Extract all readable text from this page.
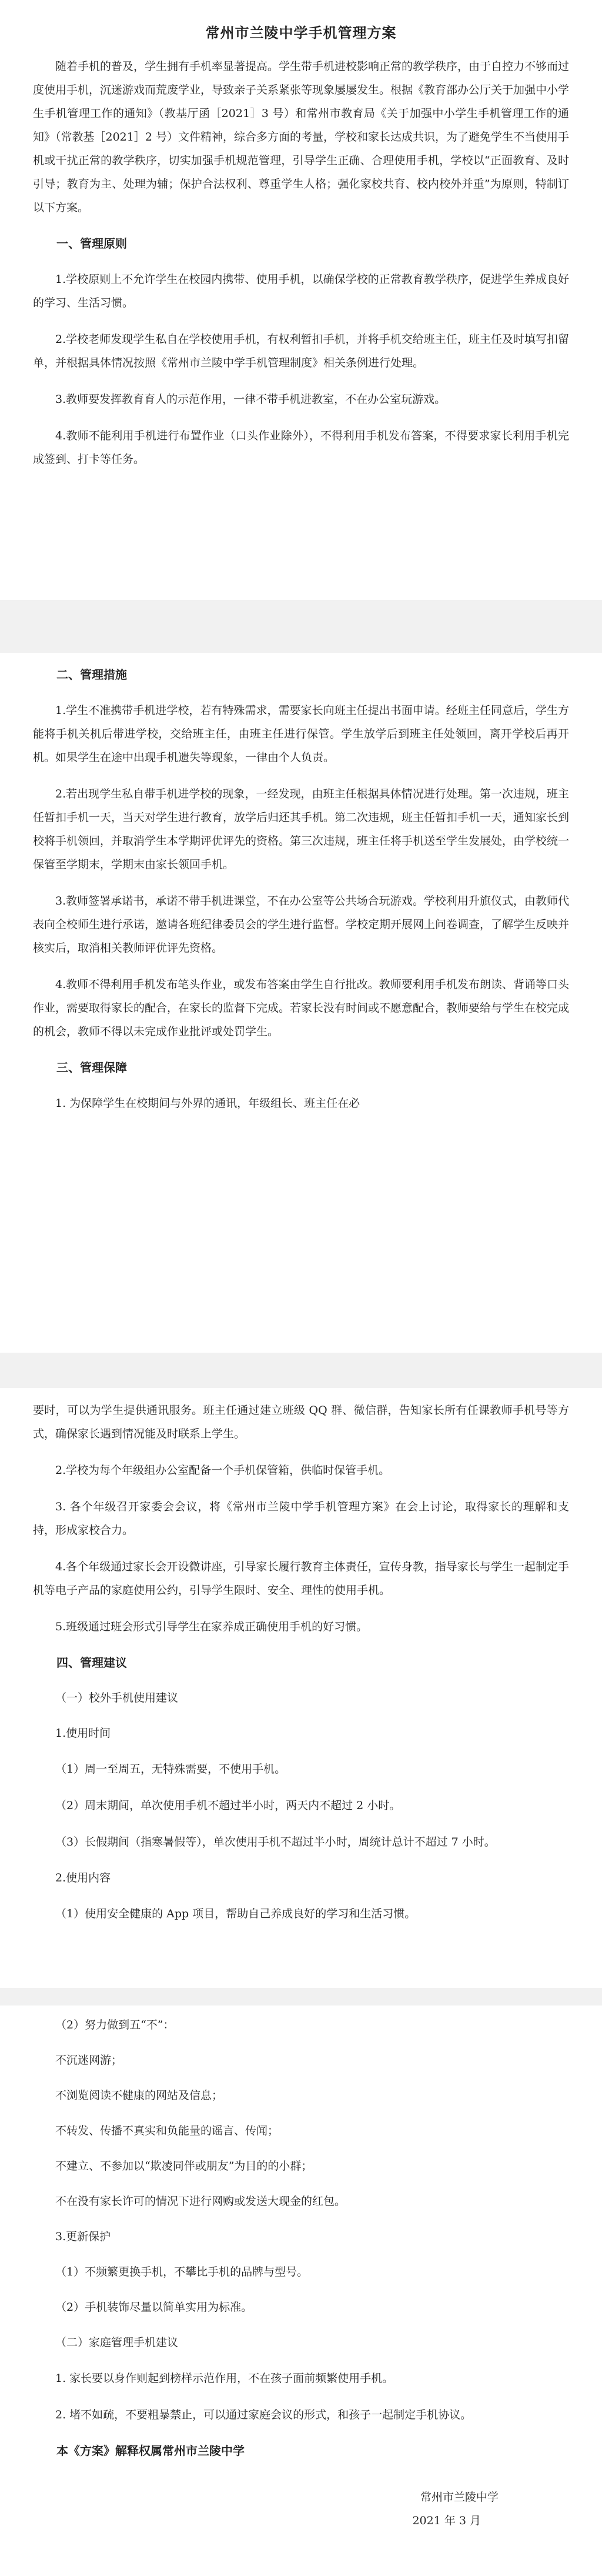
常州市兰陵中学手机管理方案

随着手机的普及，学生拥有手机率显著提高。学生带手机进校影响正常的教学秩序，由于自控力不够而过度使用手机，沉迷游戏而荒废学业，导致亲子关系紧张等现象屡屡发生。根据《教育部办公厅关于加强中小学生手机管理工作的通知》（教基厅函［2021］3 号）和常州市教育局《关于加强中小学生手机管理工作的通知》（常教基［2021］2 号）文件精神，综合多方面的考量，学校和家长达成共识，为了避免学生不当使用手机或干扰正常的教学秩序，切实加强手机规范管理，引导学生正确、合理使用手机，学校以“正面教育、及时引导；教育为主、处理为辅；保护合法权利、尊重学生人格；强化家校共育、校内校外并重”为原则，特制订以下方案。

一、管理原则

1.学校原则上不允许学生在校园内携带、使用手机，以确保学校的正常教育教学秩序，促进学生养成良好的学习、生活习惯。

2.学校老师发现学生私自在学校使用手机，有权利暂扣手机，并将手机交给班主任，班主任及时填写扣留单，并根据具体情况按照《常州市兰陵中学手机管理制度》相关条例进行处理。

3.教师要发挥教育育人的示范作用，一律不带手机进教室，不在办公室玩游戏。

4.教师不能利用手机进行布置作业（口头作业除外），不得利用手机发布答案，不得要求家长利用手机完成签到、打卡等任务。

二、管理措施

1.学生不准携带手机进学校，若有特殊需求，需要家长向班主任提出书面申请。经班主任同意后，学生方能将手机关机后带进学校，交给班主任，由班主任进行保管。学生放学后到班主任处领回，离开学校后再开机。如果学生在途中出现手机遗失等现象，一律由个人负责。

2.若出现学生私自带手机进学校的现象，一经发现，由班主任根据具体情况进行处理。第一次违规，班主任暂扣手机一天，当天对学生进行教育，放学后归还其手机。第二次违规，班主任暂扣手机一天，通知家长到校将手机领回，并取消学生本学期评优评先的资格。第三次违规，班主任将手机送至学生发展处，由学校统一保管至学期末，学期末由家长领回手机。

3.教师签署承诺书，承诺不带手机进课堂，不在办公室等公共场合玩游戏。学校利用升旗仪式，由教师代表向全校师生进行承诺，邀请各班纪律委员会的学生进行监督。学校定期开展网上问卷调查，了解学生反映并核实后，取消相关教师评优评先资格。

4.教师不得利用手机发布笔头作业，或发布答案由学生自行批改。教师要利用手机发布朗读、背诵等口头作业，需要取得家长的配合，在家长的监督下完成。若家长没有时间或不愿意配合，教师要给与学生在校完成的机会，教师不得以未完成作业批评或处罚学生。

三、管理保障

1. 为保障学生在校期间与外界的通讯，年级组长、班主任在必

要时，可以为学生提供通讯服务。班主任通过建立班级 QQ 群、微信群，告知家长所有任课教师手机号等方式，确保家长遇到情况能及时联系上学生。

2.学校为每个年级组办公室配备一个手机保管箱，供临时保管手机。

3. 各个年级召开家委会会议，将《常州市兰陵中学手机管理方案》在会上讨论，取得家长的理解和支持，形成家校合力。

4.各个年级通过家长会开设微讲座，引导家长履行教育主体责任，宣传身教，指导家长与学生一起制定手机等电子产品的家庭使用公约，引导学生限时、安全、理性的使用手机。

5.班级通过班会形式引导学生在家养成正确使用手机的好习惯。

四、管理建议
（一）校外手机使用建议
1.使用时间

（1）周一至周五，无特殊需要，不使用手机。

（2）周末期间，单次使用手机不超过半小时，两天内不超过 2 小时。

（3）长假期间（指寒暑假等），单次使用手机不超过半小时，周统计总计不超过 7 小时。

2.使用内容

（1）使用安全健康的 App 项目，帮助自己养成良好的学习和生活习惯。

（2）努力做到五“不”：
不沉迷网游；
不浏览阅读不健康的网站及信息；
不转发、传播不真实和负能量的谣言、传闻；
不建立、不参加以“欺凌同伴或朋友”为目的的小群；
不在没有家长许可的情况下进行网购或发送大现金的红包。
3.更新保护
（1）不频繁更换手机，不攀比手机的品牌与型号。
（2）手机装饰尽量以简单实用为标准。
（二）家庭管理手机建议

1. 家长要以身作则起到榜样示范作用，不在孩子面前频繁使用手机。

2. 堵不如疏，不要粗暴禁止，可以通过家庭会议的形式，和孩子一起制定手机协议。

本《方案》解释权属常州市兰陵中学

常州市兰陵中学

2021 年 3 月
